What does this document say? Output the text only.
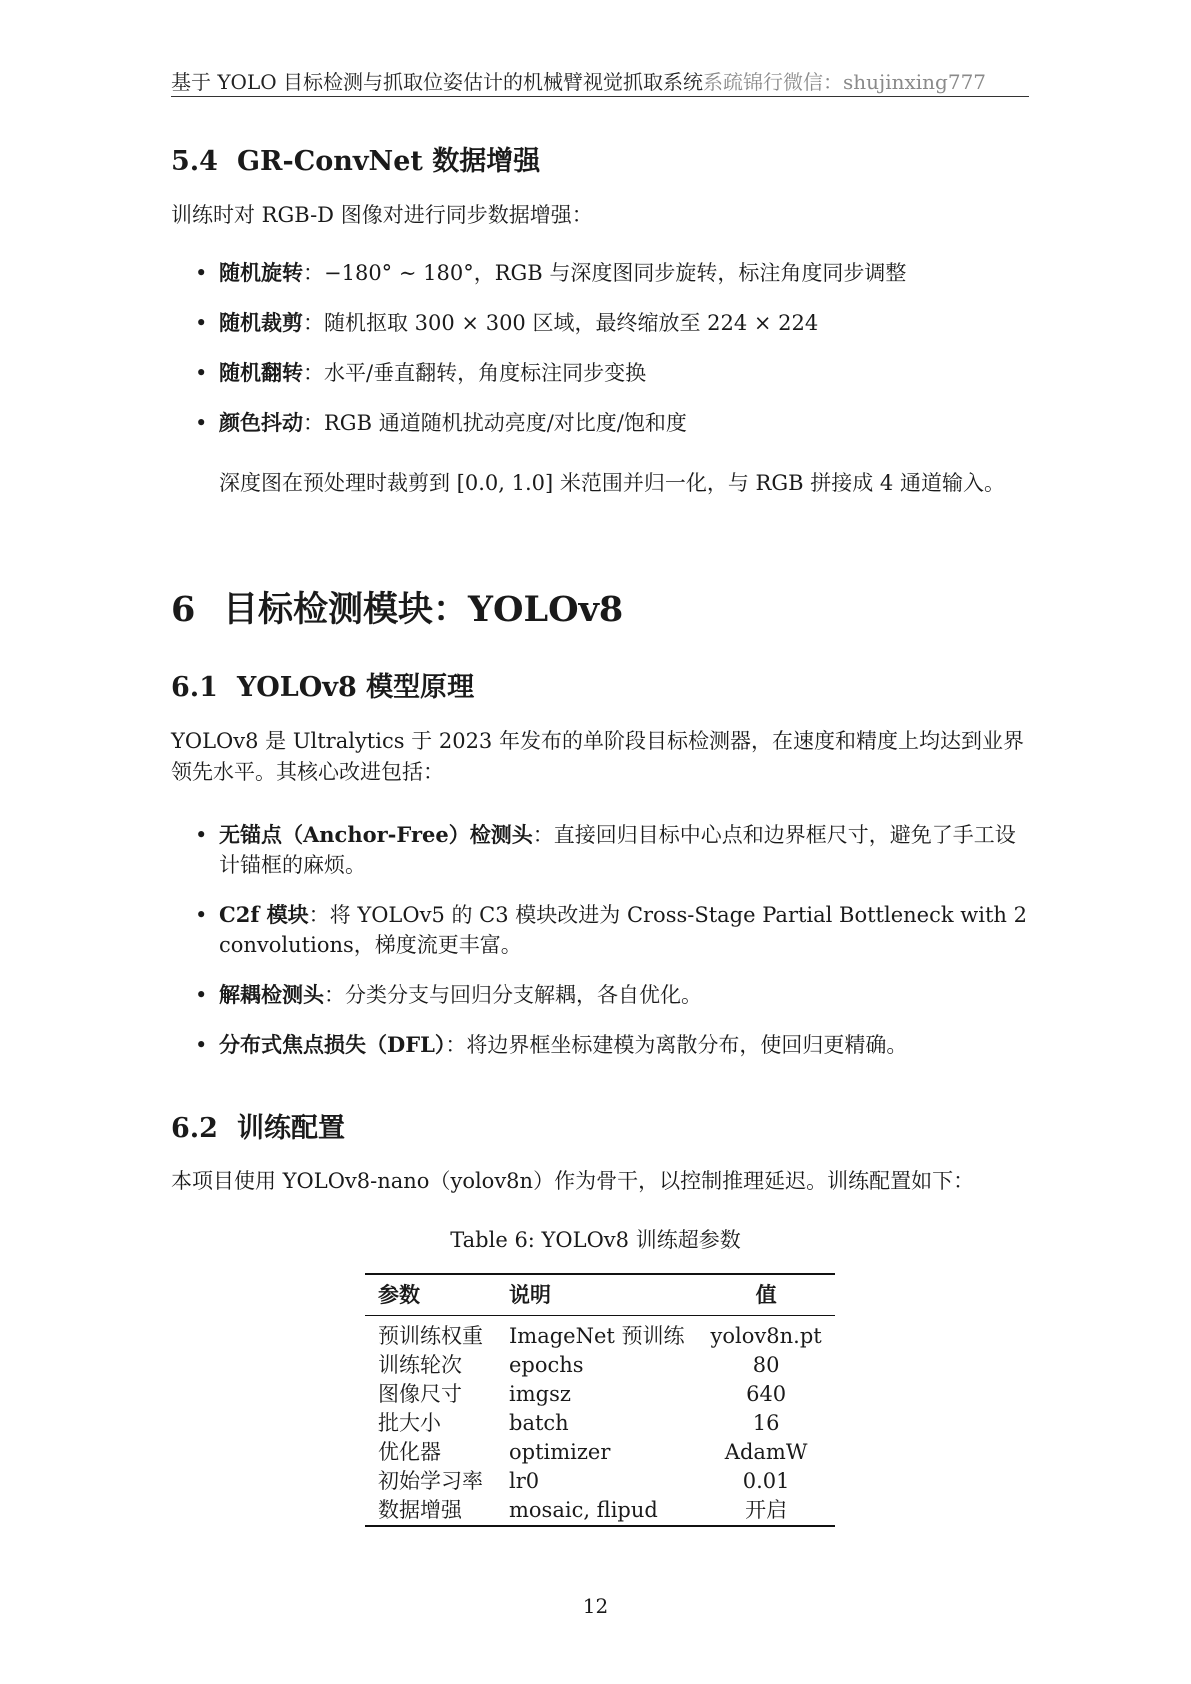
基于 YOLO 目标检测与抓取位姿估计的机械臂视觉抓取系统系疏锦行微信：shujinxing777
5.4 GR-ConvNet 数据增强
训练时对 RGB-D 图像对进行同步数据增强：
• 随机旋转：−180° ∼ 180°，RGB 与深度图同步旋转，标注角度同步调整
• 随机裁剪：随机抠取 300 × 300 区域，最终缩放至 224 × 224
• 随机翻转：水平/垂直翻转，角度标注同步变换
• 颜色抖动：RGB 通道随机扰动亮度/对比度/饱和度
深度图在预处理时裁剪到 [0.0, 1.0] 米范围并归一化，与 RGB 拼接成 4 通道输入。
6 目标检测模块：YOLOv8
6.1 YOLOv8 模型原理
YOLOv8 是 Ultralytics 于 2023 年发布的单阶段目标检测器，在速度和精度上均达到业界领先水平。其核心改进包括：
• 无锚点（Anchor-Free）检测头：直接回归目标中心点和边界框尺寸，避免了手工设计锚框的麻烦。
• C2f 模块：将 YOLOv5 的 C3 模块改进为 Cross-Stage Partial Bottleneck with 2 convolutions，梯度流更丰富。
• 解耦检测头：分类分支与回归分支解耦，各自优化。
• 分布式焦点损失（DFL）：将边界框坐标建模为离散分布，使回归更精确。
6.2 训练配置
本项目使用 YOLOv8-nano（yolov8n）作为骨干，以控制推理延迟。训练配置如下：
Table 6: YOLOv8 训练超参数
参数	说明	值
预训练权重	ImageNet 预训练	yolov8n.pt
训练轮次	epochs	80
图像尺寸	imgsz	640
批大小	batch	16
优化器	optimizer	AdamW
初始学习率	lr0	0.01
数据增强	mosaic, flipud	开启
12
